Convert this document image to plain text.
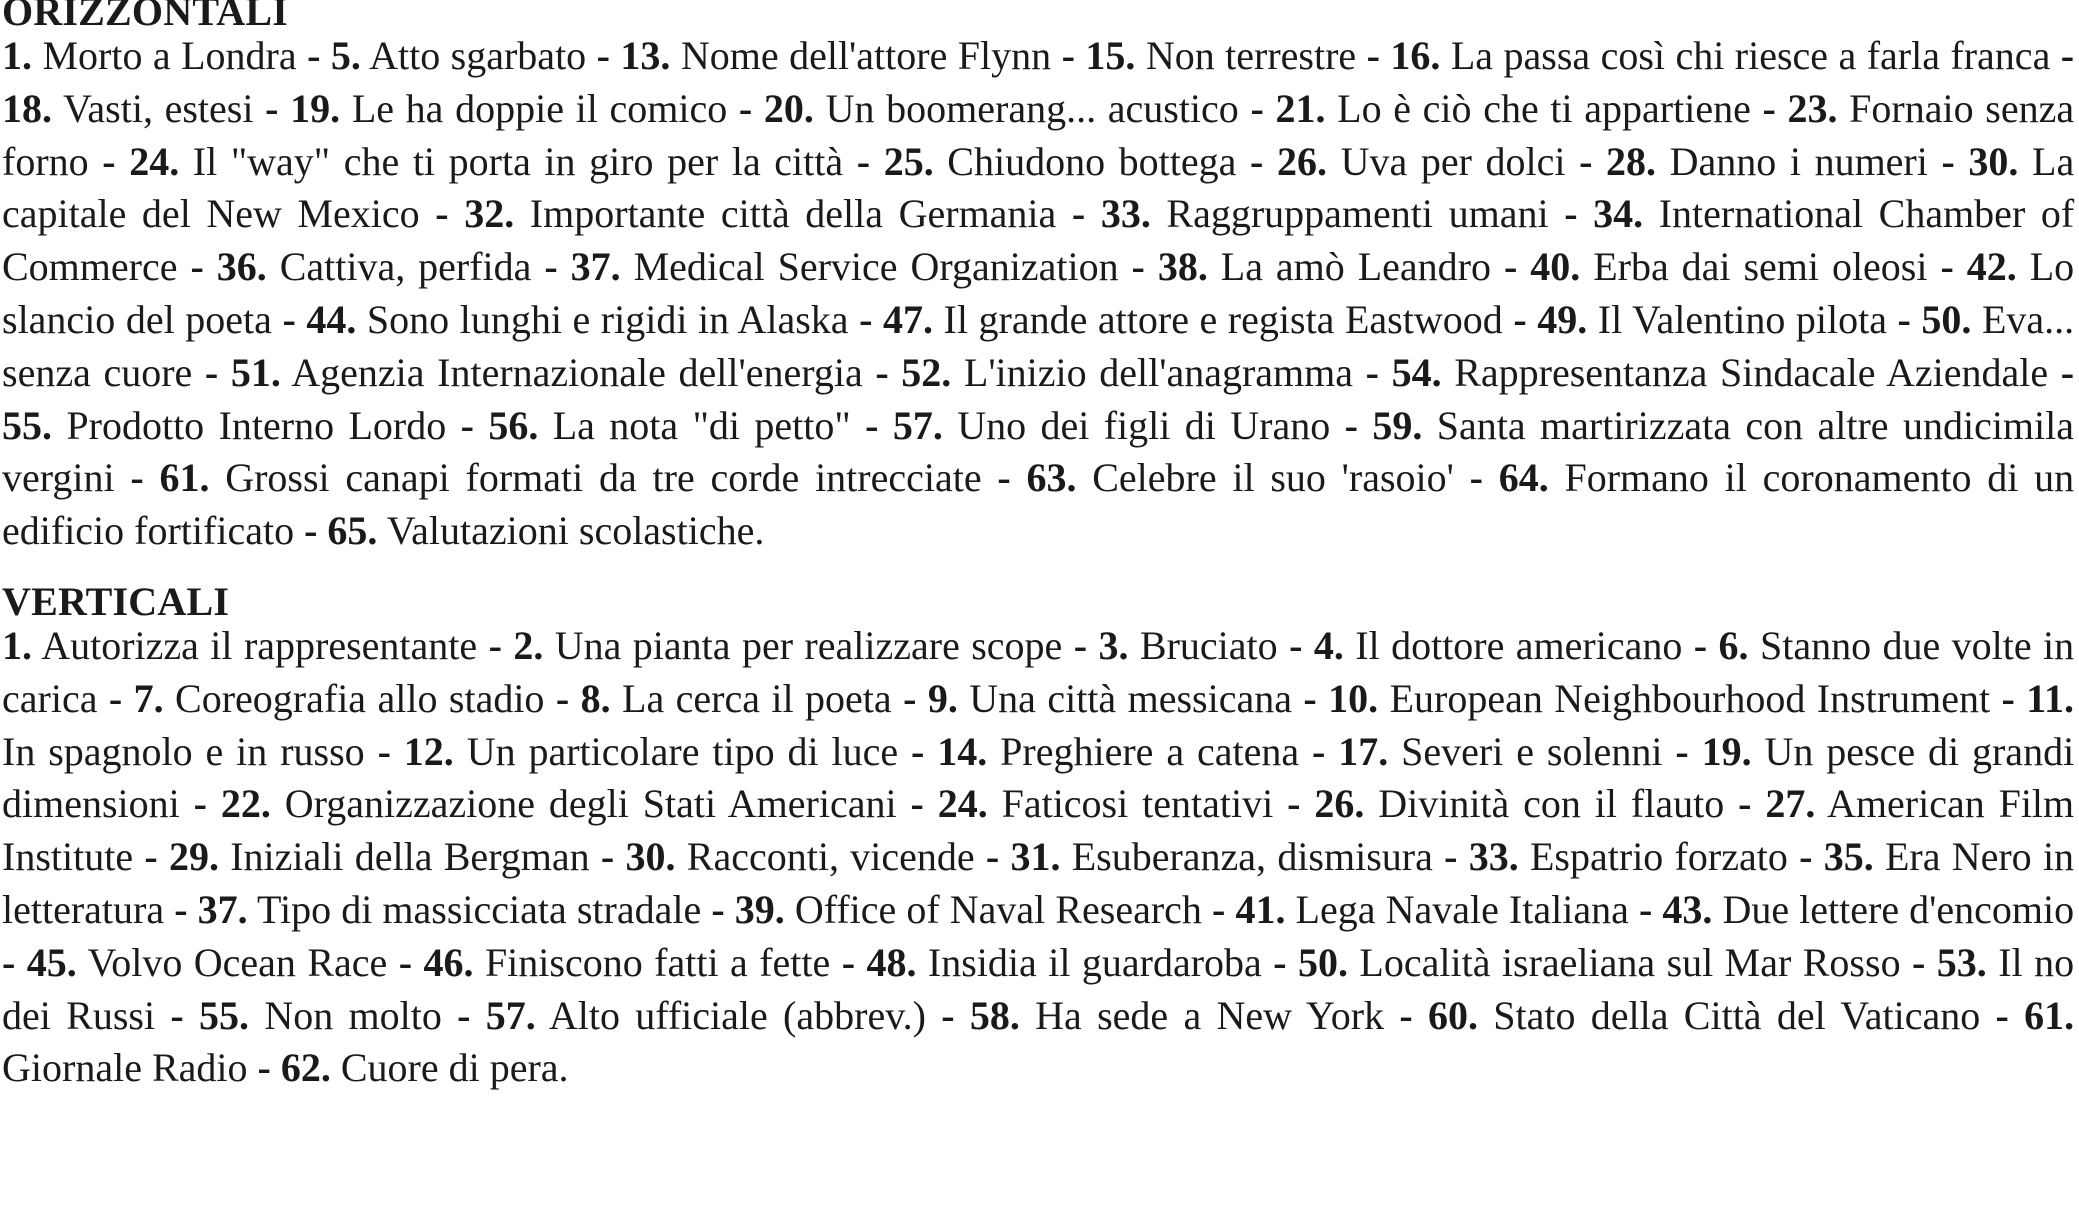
ORIZZONTALI

1. Morto a Londra - 5. Atto sgarbato - 13. Nome dell'attore Flynn - 15. Non terrestre - 16. La passa così chi riesce a farla franca - 18. Vasti, estesi - 19. Le ha doppie il comico - 20. Un boomerang... acustico - 21. Lo è ciò che ti appartiene - 23. Fornaio senza forno - 24. Il "way" che ti porta in giro per la città - 25. Chiudono bottega - 26. Uva per dolci - 28. Danno i numeri - 30. La capitale del New Mexico - 32. Importante città della Germania - 33. Raggruppamenti umani - 34. International Chamber of Commerce - 36. Cattiva, perfida - 37. Medical Service Organization - 38. La amò Leandro - 40. Erba dai semi oleosi - 42. Lo slancio del poeta - 44. Sono lunghi e rigidi in Alaska - 47. Il grande attore e regista Eastwood - 49. Il Valentino pilota - 50. Eva... senza cuore - 51. Agenzia Internazionale dell'energia - 52. L'inizio dell'anagramma - 54. Rappresentanza Sindacale Aziendale - 55. Prodotto Interno Lordo - 56. La nota "di petto" - 57. Uno dei figli di Urano - 59. Santa martirizzata con altre undicimila vergini - 61. Grossi canapi formati da tre corde intrecciate - 63. Celebre il suo 'rasoio' - 64. Formano il coronamento di un edificio fortificato - 65. Valutazioni scolastiche.

VERTICALI

1. Autorizza il rappresentante - 2. Una pianta per realizzare scope - 3. Bruciato - 4. Il dottore americano - 6. Stanno due volte in carica - 7. Coreografia allo stadio - 8. La cerca il poeta - 9. Una città messicana - 10. European Neighbourhood Instrument - 11. In spagnolo e in russo - 12. Un particolare tipo di luce - 14. Preghiere a catena - 17. Severi e solenni - 19. Un pesce di grandi dimensioni - 22. Organizzazione degli Stati Americani - 24. Faticosi tentativi - 26. Divinità con il flauto - 27. American Film Institute - 29. Iniziali della Bergman - 30. Racconti, vicende - 31. Esuberanza, dismisura - 33. Espatrio forzato - 35. Era Nero in letteratura - 37. Tipo di massicciata stradale - 39. Office of Naval Research - 41. Lega Navale Italiana - 43. Due lettere d'encomio - 45. Volvo Ocean Race - 46. Finiscono fatti a fette - 48. Insidia il guardaroba - 50. Località israeliana sul Mar Rosso - 53. Il no dei Russi - 55. Non molto - 57. Alto ufficiale (abbrev.) - 58. Ha sede a New York - 60. Stato della Città del Vaticano - 61. Giornale Radio - 62. Cuore di pera.
